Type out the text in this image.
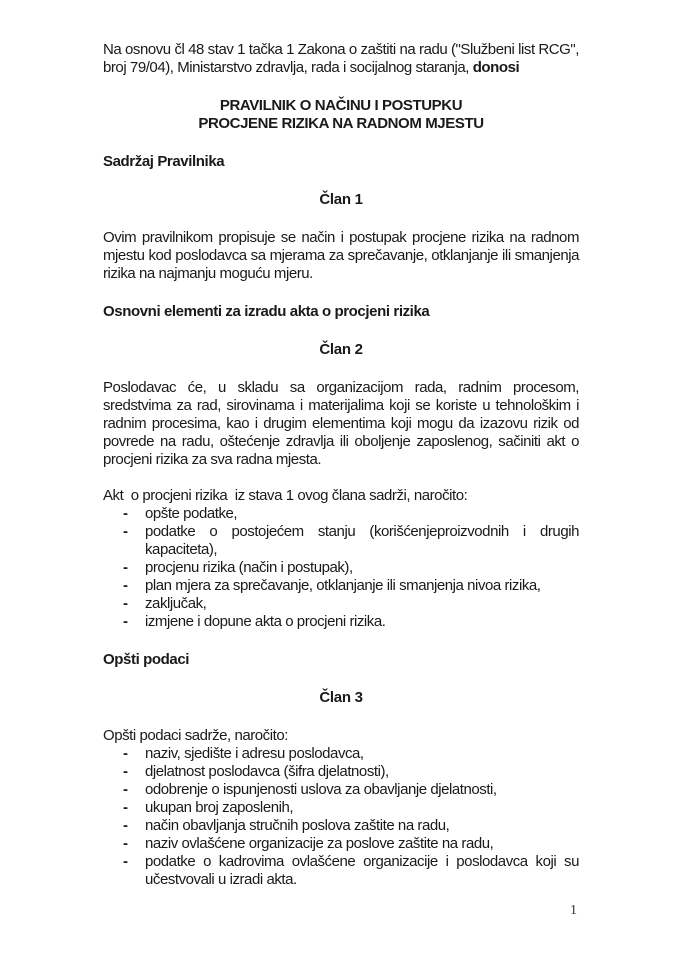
Na osnovu čl 48 stav 1 tačka 1 Zakona o zaštiti na radu ("Službeni list RCG", broj 79/04), Ministarstvo zdravlja, rada i socijalnog staranja, donosi

PRAVILNIK O NAČINU I POSTUPKU

PROCJENE RIZIKA NA RADNOM MJESTU

Sadržaj Pravilnika

Član 1

Ovim pravilnikom propisuje se način i postupak procjene rizika na radnom mjestu kod poslodavca sa mjerama za sprečavanje, otklanjanje ili smanjenja rizika na najmanju moguću mjeru.

Osnovni elementi za izradu akta o procjeni rizika

Član 2

Poslodavac će, u skladu sa organizacijom rada, radnim procesom, sredstvima za rad, sirovinama i materijalima koji se koriste u tehnološkim i radnim procesima, kao i drugim elementima koji mogu da izazovu rizik od povrede na radu, oštećenje zdravlja ili oboljenje zaposlenog, sačiniti akt o procjeni rizika za sva radna mjesta.

Akt  o procjeni rizika  iz stava 1 ovog člana sadrži, naročito:

- opšte podatke,
- podatke o postojećem stanju (korišćenjeproizvodnih i drugih kapaciteta),
- procjenu rizika (način i postupak),
- plan mjera za sprečavanje, otklanjanje ili smanjenja nivoa rizika,
- zaključak,
- izmjene i dopune akta o procjeni rizika.

Opšti podaci

Član 3

Opšti podaci sadrže, naročito:

- naziv, sjedište i adresu poslodavca,
- djelatnost poslodavca (šifra djelatnosti),
- odobrenje o ispunjenosti uslova za obavljanje djelatnosti,
- ukupan broj zaposlenih,
- način obavljanja stručnih poslova zaštite na radu,
- naziv ovlašćene organizacije za poslove zaštite na radu,
- podatke o kadrovima ovlašćene organizacije i poslodavca koji su učestvovali u izradi akta.
1
